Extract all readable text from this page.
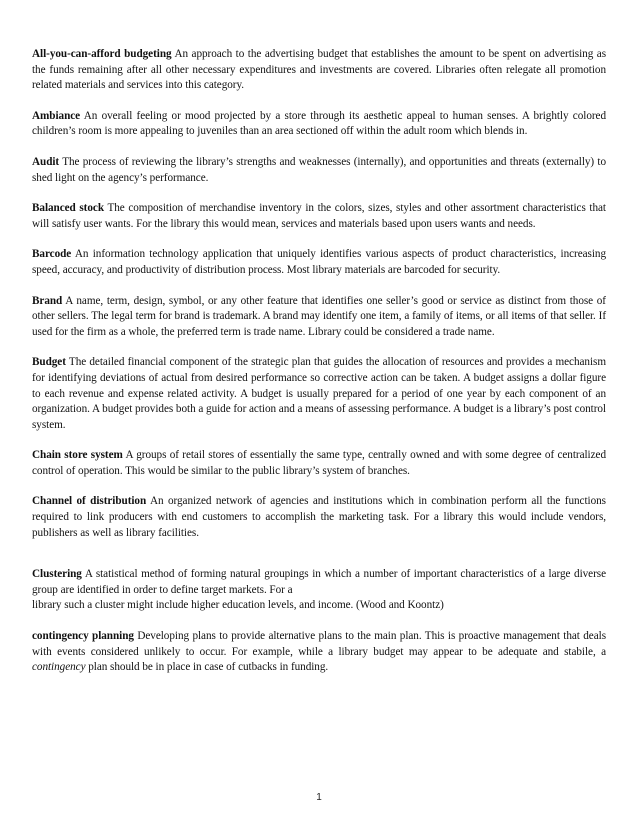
All-you-can-afford budgeting An approach to the advertising budget that establishes the amount to be spent on advertising as the funds remaining after all other necessary expenditures and investments are covered. Libraries often relegate all promotion related materials and services into this category.

Ambiance An overall feeling or mood projected by a store through its aesthetic appeal to human senses. A brightly colored children’s room is more appealing to juveniles than an area sectioned off within the adult room which blends in.

Audit The process of reviewing the library’s strengths and weaknesses (internally), and opportunities and threats (externally) to shed light on the agency’s performance.

Balanced stock The composition of merchandise inventory in the colors, sizes, styles and other assortment characteristics that will satisfy user wants. For the library this would mean, services and materials based upon users wants and needs.

Barcode An information technology application that uniquely identifies various aspects of product characteristics, increasing speed, accuracy, and productivity of distribution process. Most library materials are barcoded for security.

Brand A name, term, design, symbol, or any other feature that identifies one seller’s good or service as distinct from those of other sellers. The legal term for brand is trademark. A brand may identify one item, a family of items, or all items of that seller. If used for the firm as a whole, the preferred term is trade name. Library could be considered a trade name.

Budget The detailed financial component of the strategic plan that guides the allocation of resources and provides a mechanism for identifying deviations of actual from desired performance so corrective action can be taken. A budget assigns a dollar figure to each revenue and expense related activity. A budget is usually prepared for a period of one year by each component of an organization. A budget provides both a guide for action and a means of assessing performance. A budget is a library’s post control system.

Chain store system A groups of retail stores of essentially the same type, centrally owned and with some degree of centralized control of operation. This would be similar to the public library’s system of branches.

Channel of distribution An organized network of agencies and institutions which in combination perform all the functions required to link producers with end customers to accomplish the marketing task. For a library this would include vendors, publishers as well as library facilities.

Clustering A statistical method of forming natural groupings in which a number of important characteristics of a large diverse group are identified in order to define target markets. For a
library such a cluster might include higher education levels, and income. (Wood and Koontz)

contingency planning Developing plans to provide alternative plans to the main plan. This is proactive management that deals with events considered unlikely to occur. For example, while a library budget may appear to be adequate and stabile, a contingency plan should be in place in case of cutbacks in funding.

1
